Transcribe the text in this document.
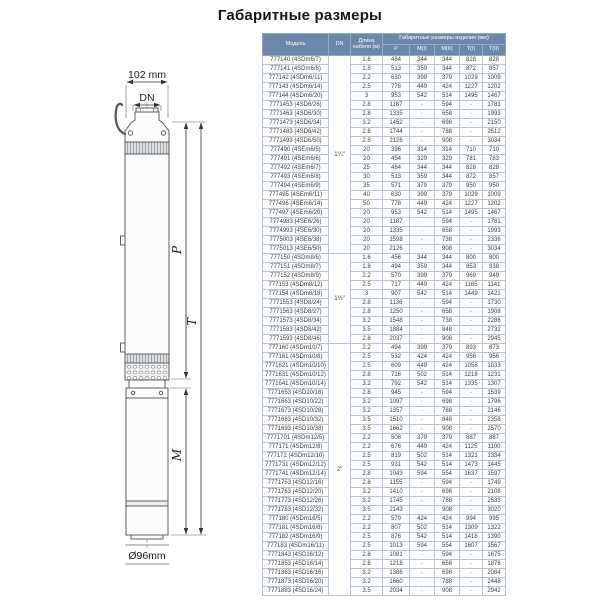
Габаритные размеры
102 mm
DN
P
T
M
Ø96mm
Модель	DN	Длина кабеля (м)	Габаритные размеры изделия (мм)				
			P	М(I)	М(II)	Т(I)	Т(II)
777140 (4SDm6/7)	1¼"	1.6	484	344	344	828	828
777141 (4SDm6/8)		1.8	513	359	344	872	857
777142 (4SDm6/11)		2.2	630	399	379	1029	1009
777143 (4SDm6/14)		2.5	778	449	424	1227	1202
777144 (4SDm6/20)		3	953	542	514	1495	1467
7771453 (4SD6/26)		2.8	1187	-	594	-	1781
7771463 (4SD6/30)		2.8	1335	-	658	-	1993
7771473 (4SD6/34)		3.2	1452	-	698	-	2150
7771483 (4SD6/42)		2.8	1744	-	788	-	2512
7771493 (4SD6/50)		2.8	2126	-	908	-	3034
777490 (4SEm6/5)		20	396	314	314	710	710
777491 (4SEm6/6)		20	454	329	329	781	783
777492 (4SEm6/7)		25	484	344	344	828	828
777493 (4SEm6/8)		30	513	359	344	872	857
777494 (4SEm6/9)		35	571	379	379	950	950
777495 (4SEm6/11)		40	630	399	379	1029	1009
777496 (4SEm6/14)		50	778	449	424	1227	1202
777497 (4SEm6/20)		20	953	542	514	1495	1467
7774983 (4SE6/26)		20	1187	-	594	-	1781
7774993 (4SE6/30)		20	1335	-	658	-	1993
7775003 (4SE6/38)		20	1598	-	738	-	2336
7775013 (4SE6/50)		20	2126	-	908	-	3034
777150 (4SDm8/6)	1½"	1.6	456	344	344	800	800
777151 (4SDm8/7)		1.8	494	359	344	853	838
777152 (4SDm8/9)		2.2	570	399	379	969	949
777153 (4SDm8/12)		2.5	717	449	424	1165	1141
777154 (4SDm8/18)		3	907	542	514	1449	1421
7771553 (4SD8/24)		2.8	1136	-	594	-	1730
7771563 (4SD8/27)		2.8	1250	-	658	-	1908
7771573 (4SD8/34)		3.2	1548	-	738	-	2286
7771583 (4SD8/42)		3.5	1884	-	848	-	2732
7771593 (4SD8/46)		2.8	2037	-	908	-	2945
777160 (4SDm10/7)	2"	2.2	494	399	379	893	873
777161 (4SDm10/8)		2.5	532	424	424	956	956
7771621 (4SDm10/10)		2.5	609	449	424	1058	1033
7771631 (4SDm10/12)		2.8	716	502	514	1218	1231
7771641 (4SDm10/14)		3.2	792	542	514	1335	1307
7771653 (4SD10/18)		2.8	945	-	594	-	1539
7771663 (4SD10/22)		3.2	1097	-	698	-	1796
7771673 (4SD10/28)		3.2	1357	-	788	-	2146
7771683 (4SD10/32)		3.5	1510	-	848	-	2358
7771693 (4SD10/38)		3.5	1662	-	908	-	2570
7771701 (4SDm12/5)		2.2	508	379	379	887	887
777171 (4SDm12/8)		2.2	676	449	424	1125	1100
777172 (4SDm12/10)		2.5	819	502	514	1321	1334
7771731 (4SDm12/12)		2.5	931	542	514	1473	1445
7771741 (4SDm12/14)		2.8	1043	594	554	1637	1597
7771753 (4SD12/16)		2.8	1155	-	594	-	1749
7771763 (4SD12/20)		3.2	1410	-	698	-	2108
7771773 (4SD12/26)		3.2	1745	-	788	-	2533
7771783 (4SD12/32)		3.5	2143	-	908	-	3020
777180 (4SDm16/5)		2.2	570	424	424	994	995
777181 (4SDm16/8)		2.2	807	502	514	1309	1322
777182 (4SDm16/9)		2.5	876	542	514	1418	1390
777183 (4SDm16/11)		2.5	1013	594	554	1607	1567
7771843 (4SD16/12)		2.8	1081	-	594	-	1675
7771853 (4SD16/14)		2.8	1218	-	658	-	1876
7771863 (4SD16/16)		3.2	1386	-	698	-	2084
7771873 (4SD16/20)		3.2	1660	-	788	-	2448
7771883 (4SD16/24)		3.5	2034	-	908	-	2942
